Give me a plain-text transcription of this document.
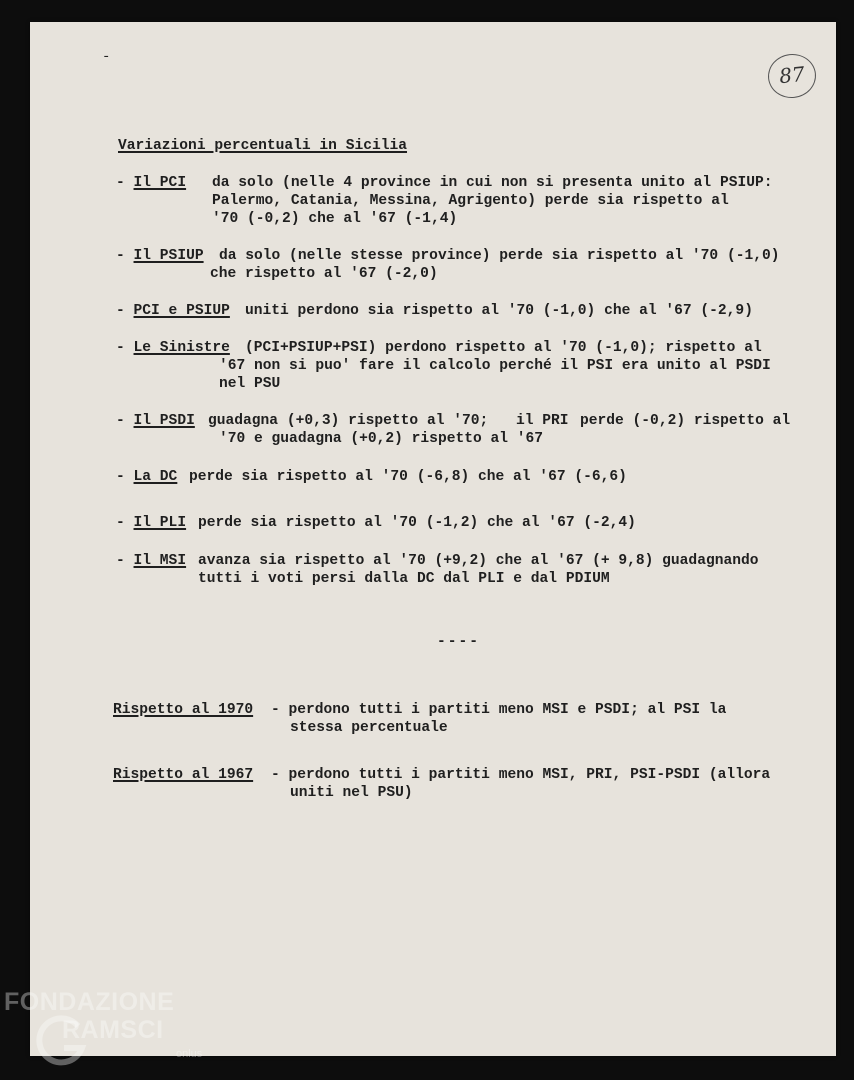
-
87
Variazioni percentuali in Sicilia
- Il PCI da solo (nelle 4 province in cui non si presenta unito al PSIUP:
Palermo, Catania, Messina, Agrigento) perde sia rispetto al
'70 (-0,2) che al '67 (-1,4)
- Il PSIUP da solo (nelle stesse province) perde sia rispetto al '70 (-1,0)
che rispetto al '67 (-2,0)
- PCI e PSIUP uniti perdono sia rispetto al '70 (-1,0) che al '67 (-2,9)
- Le Sinistre (PCI+PSIUP+PSI) perdono rispetto al '70 (-1,0); rispetto al
'67 non si puo' fare il calcolo perché il PSI era unito al PSDI
nel PSU
- Il PSDI guadagna (+0,3) rispetto al '70; il PRI perde (-0,2) rispetto al
'70 e guadagna (+0,2) rispetto al '67
- La DC perde sia rispetto al '70 (-6,8) che al '67 (-6,6)
- Il PLI perde sia rispetto al '70 (-1,2) che al '67 (-2,4)
- Il MSI avanza sia rispetto al '70 (+9,2) che al '67 (+ 9,8) guadagnando
tutti i voti persi dalla DC dal PLI e dal PDIUM
----
Rispetto al 1970 - perdono tutti i partiti meno MSI e PSDI; al PSI la
stessa percentuale
Rispetto al 1967 - perdono tutti i partiti meno MSI, PRI, PSI-PSDI (allora
uniti nel PSU)
FONDAZIONE
RAMSCI
onlus
